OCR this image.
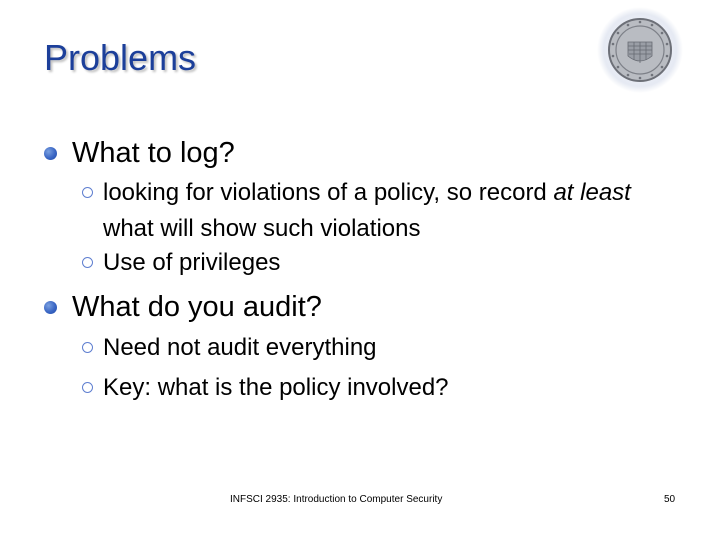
Problems
What to log?
looking for violations of a policy, so record at least what will show such violations
Use of privileges
What do you audit?
Need not audit everything
Key: what is the policy involved?
INFSCI 2935: Introduction to Computer Security	50
